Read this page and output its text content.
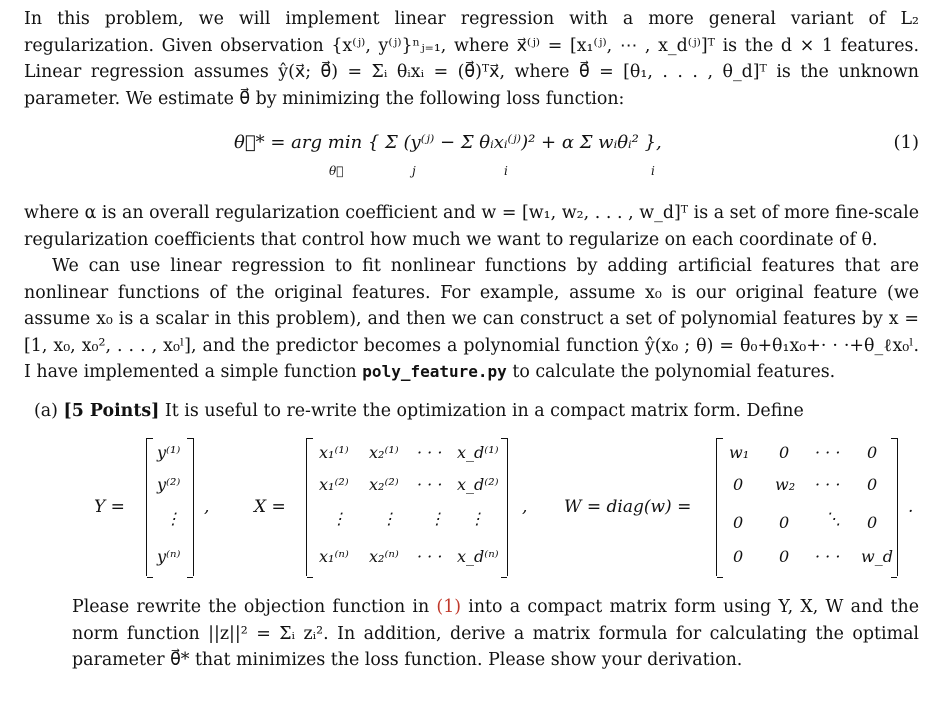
In this problem, we will implement linear regression with a more general variant of L₂ regularization. Given observation {x⁽ʲ⁾, y⁽ʲ⁾}ⁿⱼ₌₁, where x⃗⁽ʲ⁾ = [x₁⁽ʲ⁾, ⋯ , x_d⁽ʲ⁾]ᵀ is the d × 1 features. Linear regression assumes ŷ(x⃗; θ⃗) = Σᵢ θᵢxᵢ = (θ⃗)ᵀx⃗, where θ⃗ = [θ₁, . . . , θ_d]ᵀ is the unknown parameter. We estimate θ⃗ by minimizing the following loss function:

θ⃗* = arg min { Σ (y⁽ʲ⁾ − Σ θᵢxᵢ⁽ʲ⁾)² + α Σ wᵢθᵢ² },
θ⃗	j	i	i
(1)

where α is an overall regularization coefficient and w = [w₁, w₂, . . . , w_d]ᵀ is a set of more fine-scale regularization coefficients that control how much we want to regularize on each coordinate of θ.

We can use linear regression to fit nonlinear functions by adding artificial features that are nonlinear functions of the original features. For example, assume x₀ is our original feature (we assume x₀ is a scalar in this problem), and then we can construct a set of polynomial features by x = [1, x₀, x₀², . . . , x₀ˡ], and the predictor becomes a polynomial function ŷ(x₀ ; θ) = θ₀+θ₁x₀+· · ·+θ_ℓx₀ˡ. I have implemented a simple function poly_feature.py to calculate the polynomial features.

(a) [5 Points] It is useful to re-write the optimization in a compact matrix form. Define

Y =
y⁽¹⁾
y⁽²⁾
⋮
y⁽ⁿ⁾
,	X =
x₁⁽¹⁾ x₂⁽¹⁾ · · · x_d⁽¹⁾
x₁⁽²⁾ x₂⁽²⁾ · · · x_d⁽²⁾
⋮ ⋮ ⋮ ⋮
x₁⁽ⁿ⁾ x₂⁽ⁿ⁾ · · · x_d⁽ⁿ⁾
, W = diag(w) =
w₁ 0 · · · 0
0 w₂ · · · 0
0 0 ⋱ 0
0 0 · · · w_d
.

Please rewrite the objection function in (1) into a compact matrix form using Y, X, W and the norm function ||z||² = Σᵢ zᵢ². In addition, derive a matrix formula for calculating the optimal parameter θ⃗* that minimizes the loss function. Please show your derivation.
